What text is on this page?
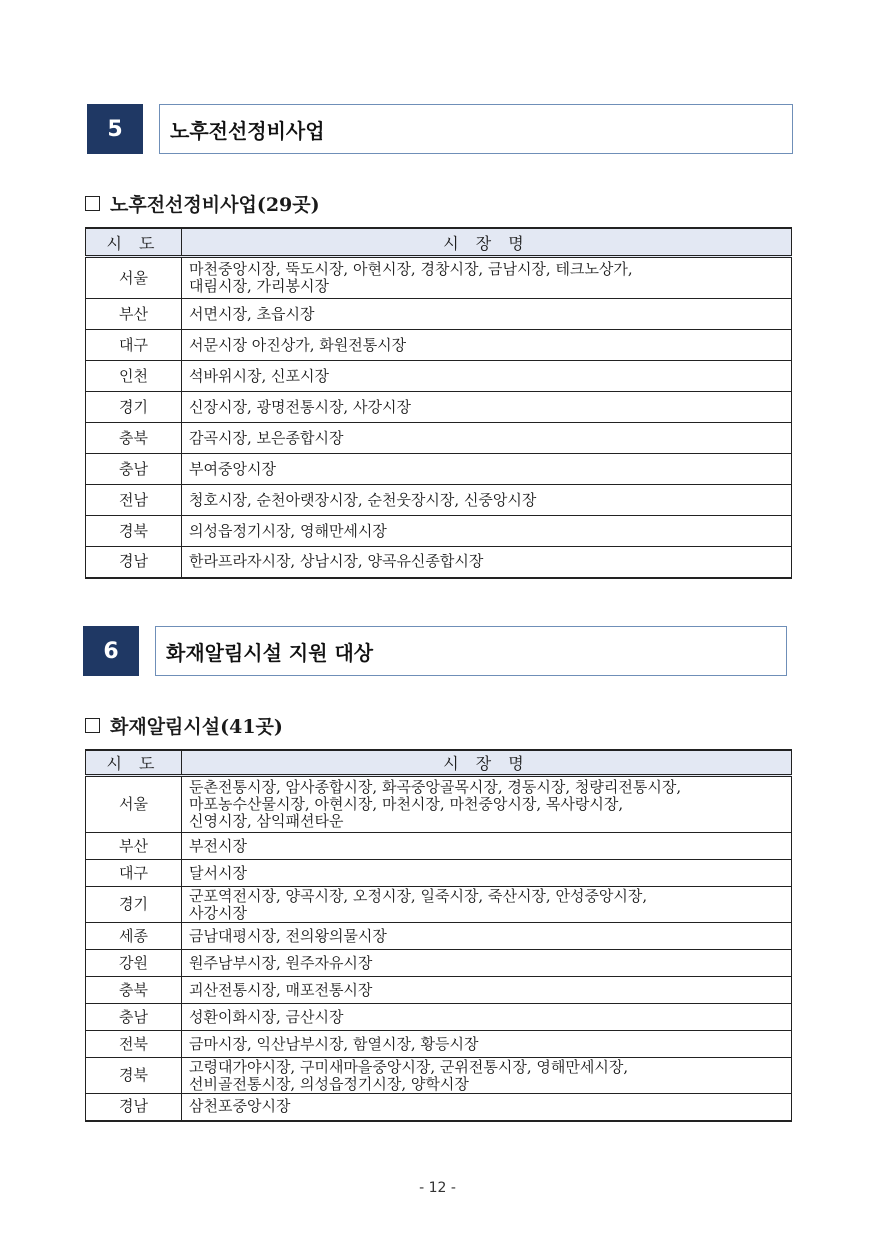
5	노후전선정비사업
노후전선정비사업(29곳)
시 도	시 장 명
서울	마천중앙시장, 뚝도시장, 아현시장, 경창시장, 금남시장, 테크노상가,
대림시장, 가리봉시장

부산	서면시장, 초읍시장

대구	서문시장 아진상가, 화원전통시장

인천	석바위시장, 신포시장

경기	신장시장, 광명전통시장, 사강시장

충북	감곡시장, 보은종합시장

충남	부여중앙시장

전남	청호시장, 순천아랫장시장, 순천웃장시장, 신중앙시장

경북	의성읍정기시장, 영해만세시장

경남	한라프라자시장, 상남시장, 양곡유신종합시장
6	화재알림시설 지원 대상
화재알림시설(41곳)
시 도	시 장 명
서울	둔촌전통시장, 암사종합시장, 화곡중앙골목시장, 경동시장, 청량리전통시장,
마포농수산물시장, 아현시장, 마천시장, 마천중앙시장, 목사랑시장,
신영시장, 삼익패션타운

부산	부전시장

대구	달서시장

경기	군포역전시장, 양곡시장, 오정시장, 일죽시장, 죽산시장, 안성중앙시장,
사강시장

세종	금남대평시장, 전의왕의물시장

강원	원주남부시장, 원주자유시장

충북	괴산전통시장, 매포전통시장

충남	성환이화시장, 금산시장

전북	금마시장, 익산남부시장, 함열시장, 황등시장

경북	고령대가야시장, 구미새마을중앙시장, 군위전통시장, 영해만세시장,
선비골전통시장, 의성읍정기시장, 양학시장

경남	삼천포중앙시장
- 12 -
